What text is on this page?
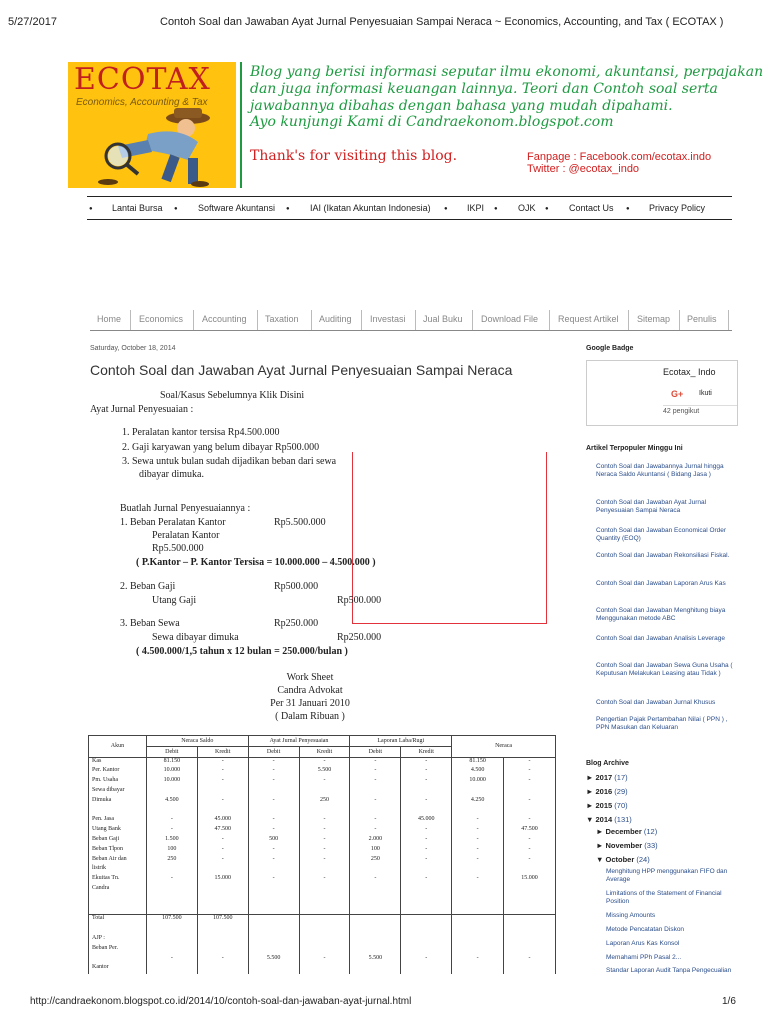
5/27/2017	Contoh Soal dan Jawaban Ayat Jurnal Penyesuaian Sampai Neraca ~ Economics, Accounting, and Tax ( ECOTAX )
ECOTAX
Economics, Accounting & Tax
Blog yang berisi informasi seputar ilmu ekonomi, akuntansi, perpajakan
dan juga informasi keuangan lainnya. Teori dan Contoh soal serta
jawabannya dibahas dengan bahasa yang mudah dipahami.
Ayo kunjungi Kami di Candraekonom.blogspot.com
Thank's for visiting this blog.	Fanpage : Facebook.com/ecotax.indo
Twitter : @ecotax_indo
● Lantai Bursa ● Software Akuntansi ● IAI (Ikatan Akuntan Indonesia) ● IKPI ● OJK ● Contact Us ● Privacy Policy
Home Economics Accounting Taxation Auditing Investasi Jual Buku Download File Request Artikel Sitemap Penulis
Saturday, October 18, 2014
Contoh Soal dan Jawaban Ayat Jurnal Penyesuaian Sampai Neraca
Soal/Kasus Sebelumnya Klik Disini
Ayat Jurnal Penyesuaian :
1. Peralatan kantor tersisa Rp4.500.000
2. Gaji karyawan yang belum dibayar Rp500.000
3. Sewa untuk bulan sudah dijadikan beban dari sewa
dibayar dimuka.
Buatlah Jurnal Penyesuaiannya :
1. Beban Peralatan Kantor	Rp5.500.000
Peralatan Kantor
Rp5.500.000
( P.Kantor – P. Kantor Tersisa = 10.000.000 – 4.500.000 )
2. Beban Gaji	Rp500.000
Utang Gaji	Rp500.000
3. Beban Sewa	Rp250.000
Sewa dibayar dimuka	Rp250.000
( 4.500.000/1,5 tahun x 12 bulan = 250.000/bulan )
Work Sheet
Candra Advokat
Per 31 Januari 2010
( Dalam Ribuan )
Akun	Neraca Saldo		Ayat Jurnal Penyesuaian		Laporan Laba/Rugi		Neraca	
	Debit	Kredit	Debit	Kredit	Debit	Kredit		
Kas	81.150	-	-	-	-	-	81.150	-
Per. Kantor	10.000	-	-	5.500	-	-	4.500	-
Pm. Usaha	10.000	-	-	-	-	-	10.000	-
Sewa dibayar								
Dimuka	4.500	-	-	250	-	-	4.250	-

Pen. Jasa	-	45.000	-	-	-	45.000	-	-
Utang Bank	-	47.500	-	-	-	-	-	47.500
Beban Gaji	1.500	-	500	-	2.000	-	-	-
Beban Tlpon	100	-	-	-	100	-	-	-
Beban Air dan	250	-	-	-	250	-	-	-
listrik								
Ekuitas Tn.	-	15.000	-	-	-	-	-	15.000
Candra								

Total	107.500	107.500						

AJP :								
Beban Per.								
	-	-	5.500	-	5.500	-	-	-
Kantor								
Google Badge
Ecotax_ Indo
G+ Ikuti
42 pengikut
Artikel Terpopuler Minggu Ini
Contoh Soal dan Jawabannya Jurnal hingga Neraca Saldo Akuntansi ( Bidang Jasa )
Contoh Soal dan Jawaban Ayat Jurnal Penyesuaian Sampai Neraca
Contoh Soal dan Jawaban Economical Order Quantity (EOQ)
Contoh Soal dan Jawaban Rekonsiliasi Fiskal.
Contoh Soal dan Jawaban Laporan Arus Kas
Contoh Soal dan Jawaban Menghitung biaya Menggunakan metode ABC
Contoh Soal dan Jawaban Analisis Leverage
Contoh Soal dan Jawaban Sewa Guna Usaha ( Keputusan Melakukan Leasing atau Tidak )
Contoh Soal dan Jawaban Jurnal Khusus
Pengertian Pajak Pertambahan Nilai ( PPN ) , PPN Masukan dan Keluaran
Blog Archive
► 2017 (17)
► 2016 (29)
► 2015 (70)
▼ 2014 (131)
► December (12)
► November (33)
▼ October (24)
Menghitung HPP menggunakan FIFO dan Average
Limitations of the Statement of Financial Position
Missing Amounts
Metode Pencatatan Diskon
Laporan Arus Kas Konsol
Memahami PPh Pasal 2...
Standar Laporan Audit Tanpa Pengecualian
http://candraekonom.blogspot.co.id/2014/10/contoh-soal-dan-jawaban-ayat-jurnal.html	1/6
